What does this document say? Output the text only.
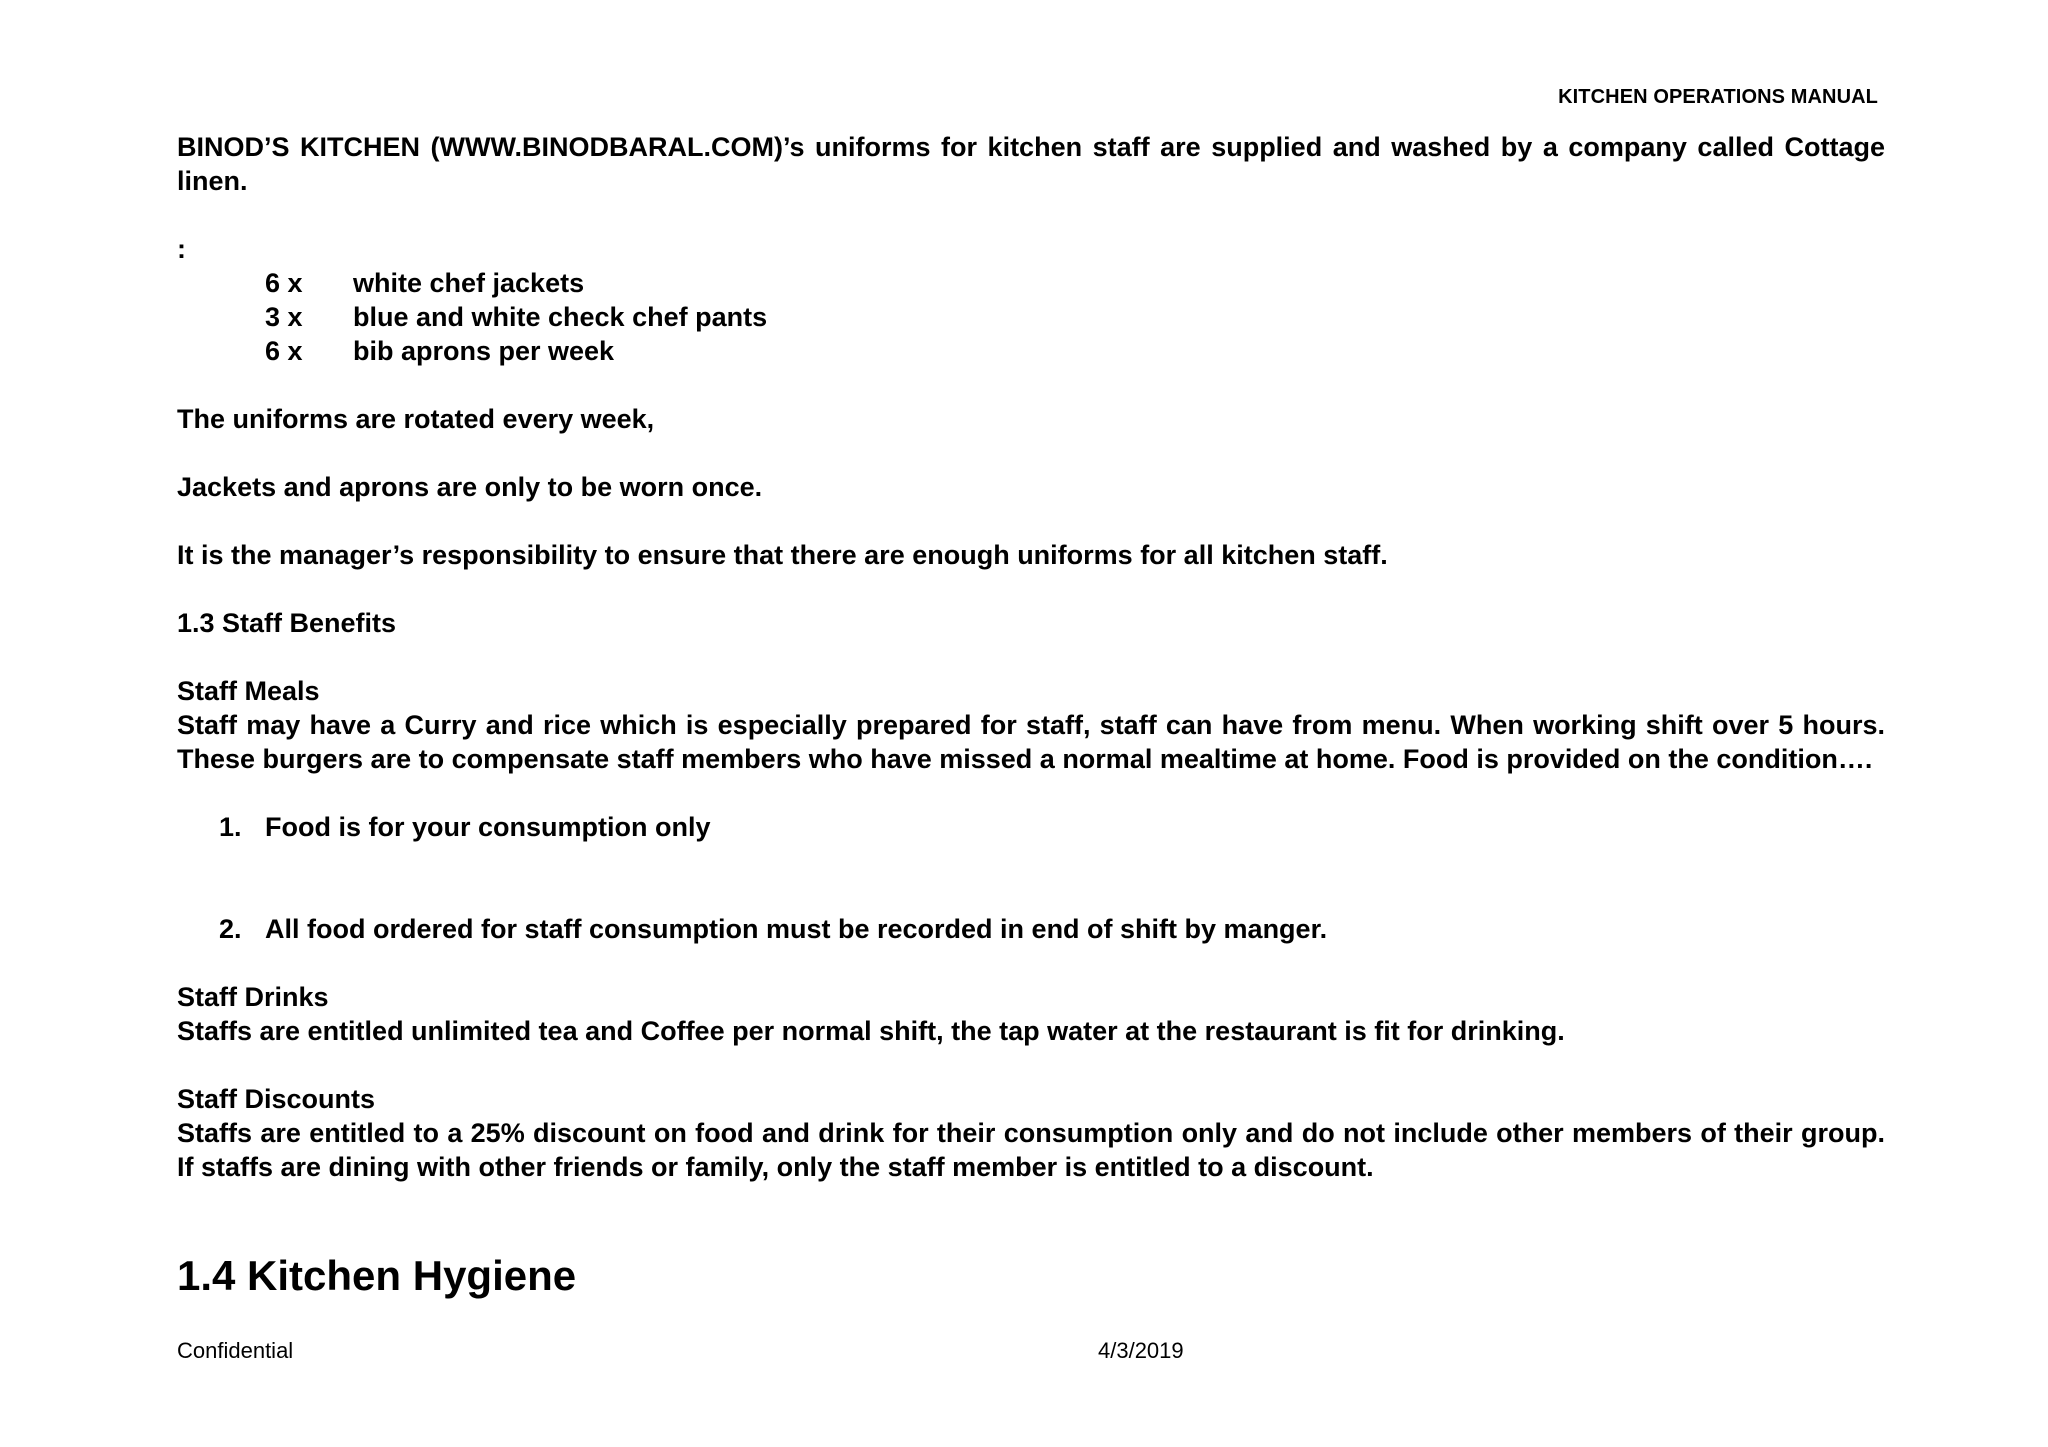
KITCHEN OPERATIONS MANUAL

BINOD’S KITCHEN (WWW.BINODBARAL.COM)’s uniforms for kitchen staff are supplied and washed by a company called Cottage linen.

:

6 x	white chef jackets
3 x	blue and white check chef pants
6 x	bib aprons per week

The uniforms are rotated every week,

Jackets and aprons are only to be worn once.

It is the manager’s responsibility to ensure that there are enough uniforms for all kitchen staff.

1.3 Staff Benefits

Staff Meals

Staff may have a Curry and rice which is especially prepared for staff, staff can have from menu. When working shift over 5 hours. These burgers are to compensate staff members who have missed a normal mealtime at home. Food is provided on the condition….

1. Food is for your consumption only
2. All food ordered for staff consumption must be recorded in end of shift by manger.

Staff Drinks

Staffs are entitled unlimited tea and Coffee per normal shift, the tap water at the restaurant is fit for drinking.

Staff Discounts

Staffs are entitled to a 25% discount on food and drink for their consumption only and do not include other members of their group. If staffs are dining with other friends or family, only the staff member is entitled to a discount.

1.4 Kitchen Hygiene
Confidential	4/3/2019
